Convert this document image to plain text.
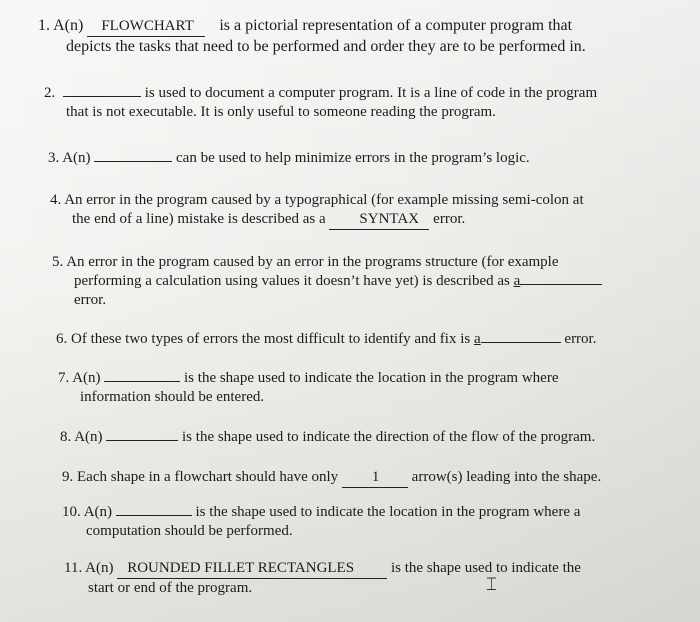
1. A(n) FLOWCHART is a pictorial representation of a computer program that
depicts the tasks that need to be performed and order they are to be performed in.
2.	is used to document a computer program. It is a line of code in the program
that is not executable. It is only useful to someone reading the program.
3. A(n)	can be used to help minimize errors in the program’s logic.
4. An error in the program caused by a typographical (for example missing semi-colon at
the end of a line) mistake is described as a SYNTAX error.
5. An error in the program caused by an error in the programs structure (for example
performing a calculation using values it doesn’t have yet) is described as a
error.
6. Of these two types of errors the most difficult to identify and fix is a	error.
7. A(n)	is the shape used to indicate the location in the program where
information should be entered.
8. A(n)	is the shape used to indicate the direction of the flow of the program.
9. Each shape in a flowchart should have only 1 arrow(s) leading into the shape.
10. A(n)	is the shape used to indicate the location in the program where a
computation should be performed.
11. A(n) ROUNDED FILLET RECTANGLES is the shape used to indicate the
start or end of the program.	⌶
